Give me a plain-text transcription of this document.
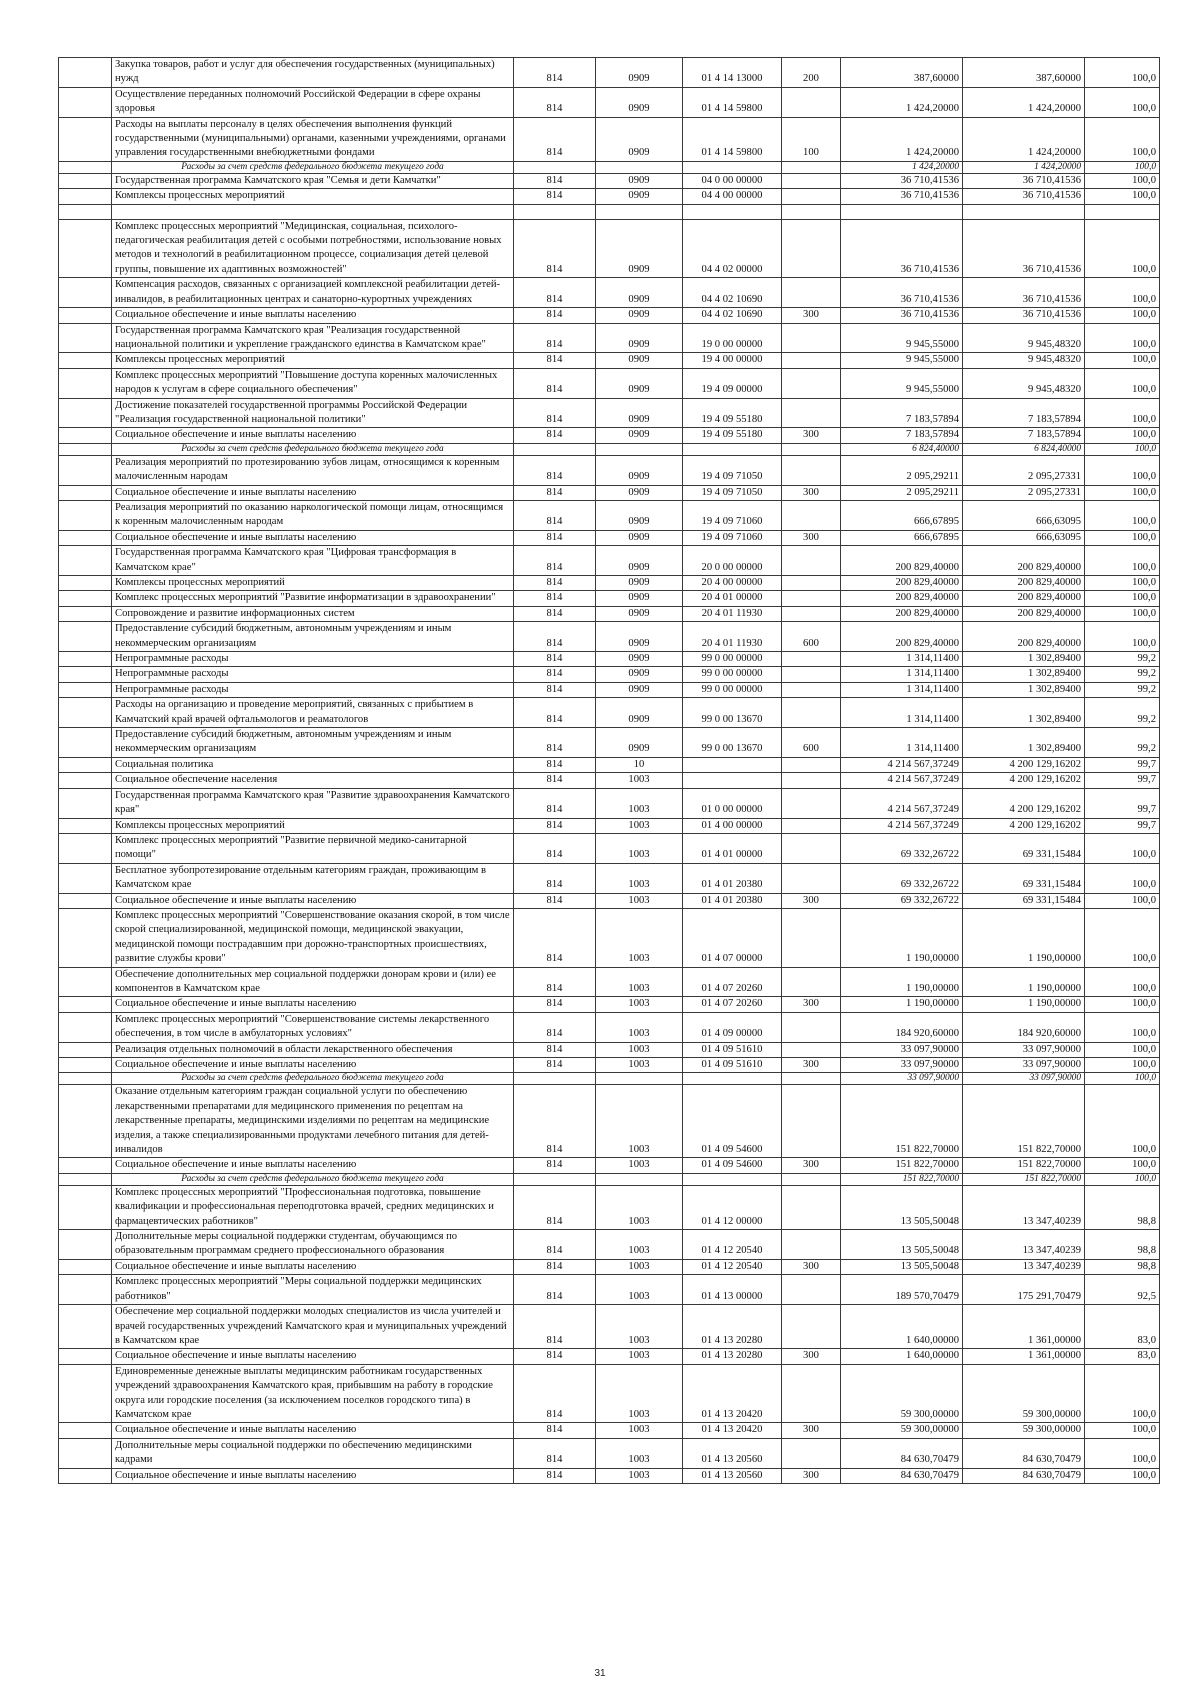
	Закупка товаров, работ и услуг для обеспечения государственных (муниципальных) нужд	814	0909	01 4 14 13000	200	387,60000	387,60000	100,0
	Осуществление переданных полномочий Российской Федерации в сфере охраны здоровья	814	0909	01 4 14 59800		1 424,20000	1 424,20000	100,0
	Расходы на выплаты персоналу в целях обеспечения выполнения функций государственными (муниципальными) органами, казенными учреждениями, органами управления государственными внебюджетными фондами	814	0909	01 4 14 59800	100	1 424,20000	1 424,20000	100,0
	Расходы за счет средств федерального бюджета текущего года					1 424,20000	1 424,20000	100,0
	Государственная программа Камчатского края "Семья и дети Камчатки"	814	0909	04 0 00 00000		36 710,41536	36 710,41536	100,0
	Комплексы процессных мероприятий	814	0909	04 4 00 00000		36 710,41536	36 710,41536	100,0

	Комплекс процессных мероприятий "Медицинская, социальная, психолого-педагогическая реабилитация детей с особыми потребностями, использование новых методов и технологий в реабилитационном процессе, социализация детей целевой группы, повышение их адаптивных возможностей"	814	0909	04 4 02 00000		36 710,41536	36 710,41536	100,0
	Компенсация расходов, связанных с организацией комплексной реабилитации детей-инвалидов, в реабилитационных центрах и санаторно-курортных учреждениях	814	0909	04 4 02 10690		36 710,41536	36 710,41536	100,0
	Социальное обеспечение и иные выплаты населению	814	0909	04 4 02 10690	300	36 710,41536	36 710,41536	100,0
	Государственная программа Камчатского края "Реализация государственной национальной политики и укрепление гражданского единства в Камчатском крае"	814	0909	19 0 00 00000		9 945,55000	9 945,48320	100,0
	Комплексы процессных мероприятий	814	0909	19 4 00 00000		9 945,55000	9 945,48320	100,0
	Комплекс процессных мероприятий "Повышение доступа коренных малочисленных народов к услугам в сфере социального обеспечения"	814	0909	19 4 09 00000		9 945,55000	9 945,48320	100,0
	Достижение показателей государственной программы Российской Федерации "Реализация государственной национальной политики"	814	0909	19 4 09 55180		7 183,57894	7 183,57894	100,0
	Социальное обеспечение и иные выплаты населению	814	0909	19 4 09 55180	300	7 183,57894	7 183,57894	100,0
	Расходы за счет средств федерального бюджета текущего года					6 824,40000	6 824,40000	100,0
	Реализация мероприятий по протезированию зубов лицам, относящимся к коренным малочисленным народам	814	0909	19 4 09 71050		2 095,29211	2 095,27331	100,0
	Социальное обеспечение и иные выплаты населению	814	0909	19 4 09 71050	300	2 095,29211	2 095,27331	100,0
	Реализация мероприятий по оказанию наркологической помощи лицам, относящимся к коренным малочисленным народам	814	0909	19 4 09 71060		666,67895	666,63095	100,0
	Социальное обеспечение и иные выплаты населению	814	0909	19 4 09 71060	300	666,67895	666,63095	100,0
	Государственная программа Камчатского края "Цифровая трансформация в Камчатском крае"	814	0909	20 0 00 00000		200 829,40000	200 829,40000	100,0
	Комплексы процессных мероприятий	814	0909	20 4 00 00000		200 829,40000	200 829,40000	100,0
	Комплекс процессных мероприятий "Развитие информатизации в здравоохранении"	814	0909	20 4 01 00000		200 829,40000	200 829,40000	100,0
	Сопровождение и развитие информационных систем	814	0909	20 4 01 11930		200 829,40000	200 829,40000	100,0
	Предоставление субсидий бюджетным, автономным учреждениям и иным некоммерческим организациям	814	0909	20 4 01 11930	600	200 829,40000	200 829,40000	100,0
	Непрограммные расходы	814	0909	99 0 00 00000		1 314,11400	1 302,89400	99,2
	Непрограммные расходы	814	0909	99 0 00 00000		1 314,11400	1 302,89400	99,2
	Непрограммные расходы	814	0909	99 0 00 00000		1 314,11400	1 302,89400	99,2
	Расходы на организацию и проведение мероприятий, связанных с прибытием в Камчатский край врачей офтальмологов и реаматологов	814	0909	99 0 00 13670		1 314,11400	1 302,89400	99,2
	Предоставление субсидий бюджетным, автономным учреждениям и иным некоммерческим организациям	814	0909	99 0 00 13670	600	1 314,11400	1 302,89400	99,2
	Социальная политика	814	10			4 214 567,37249	4 200 129,16202	99,7
	Социальное обеспечение населения	814	1003			4 214 567,37249	4 200 129,16202	99,7
	Государственная программа Камчатского края "Развитие здравоохранения Камчатского края"	814	1003	01 0 00 00000		4 214 567,37249	4 200 129,16202	99,7
	Комплексы процессных мероприятий	814	1003	01 4 00 00000		4 214 567,37249	4 200 129,16202	99,7
	Комплекс процессных мероприятий "Развитие первичной медико-санитарной помощи"	814	1003	01 4 01 00000		69 332,26722	69 331,15484	100,0
	Бесплатное зубопротезирование отдельным категориям граждан, проживающим в Камчатском крае	814	1003	01 4 01 20380		69 332,26722	69 331,15484	100,0
	Социальное обеспечение и иные выплаты населению	814	1003	01 4 01 20380	300	69 332,26722	69 331,15484	100,0
	Комплекс процессных мероприятий "Совершенствование оказания скорой, в том числе скорой специализированной, медицинской помощи, медицинской эвакуации, медицинской помощи пострадавшим при дорожно-транспортных происшествиях, развитие службы крови"	814	1003	01 4 07 00000		1 190,00000	1 190,00000	100,0
	Обеспечение дополнительных мер социальной поддержки донорам крови и (или) ее компонентов в Камчатском крае	814	1003	01 4 07 20260		1 190,00000	1 190,00000	100,0
	Социальное обеспечение и иные выплаты населению	814	1003	01 4 07 20260	300	1 190,00000	1 190,00000	100,0
	Комплекс процессных мероприятий "Совершенствование системы лекарственного обеспечения, в том числе в амбулаторных условиях"	814	1003	01 4 09 00000		184 920,60000	184 920,60000	100,0
	Реализация отдельных полномочий в области лекарственного обеспечения	814	1003	01 4 09 51610		33 097,90000	33 097,90000	100,0
	Социальное обеспечение и иные выплаты населению	814	1003	01 4 09 51610	300	33 097,90000	33 097,90000	100,0
	Расходы за счет средств федерального бюджета текущего года					33 097,90000	33 097,90000	100,0
	Оказание отдельным категориям граждан социальной услуги по обеспечению лекарственными препаратами для медицинского применения по рецептам на лекарственные препараты, медицинскими изделиями по рецептам на медицинские изделия, а также специализированными продуктами лечебного питания для детей-инвалидов	814	1003	01 4 09 54600		151 822,70000	151 822,70000	100,0
	Социальное обеспечение и иные выплаты населению	814	1003	01 4 09 54600	300	151 822,70000	151 822,70000	100,0
	Расходы за счет средств федерального бюджета текущего года					151 822,70000	151 822,70000	100,0
	Комплекс процессных мероприятий "Профессиональная подготовка, повышение квалификации и профессиональная переподготовка врачей, средних медицинских и фармацевтических работников"	814	1003	01 4 12 00000		13 505,50048	13 347,40239	98,8
	Дополнительные меры социальной поддержки студентам, обучающимся по образовательным программам среднего профессионального образования	814	1003	01 4 12 20540		13 505,50048	13 347,40239	98,8
	Социальное обеспечение и иные выплаты населению	814	1003	01 4 12 20540	300	13 505,50048	13 347,40239	98,8
	Комплекс процессных мероприятий "Меры социальной поддержки медицинских работников"	814	1003	01 4 13 00000		189 570,70479	175 291,70479	92,5
	Обеспечение мер социальной поддержки молодых специалистов из числа учителей и врачей государственных учреждений Камчатского края и муниципальных учреждений в Камчатском крае	814	1003	01 4 13 20280		1 640,00000	1 361,00000	83,0
	Социальное обеспечение и иные выплаты населению	814	1003	01 4 13 20280	300	1 640,00000	1 361,00000	83,0
	Единовременные денежные выплаты медицинским работникам государственных учреждений здравоохранения Камчатского края, прибывшим на работу в городские округа или городские поселения (за исключением поселков городского типа) в Камчатском крае	814	1003	01 4 13 20420		59 300,00000	59 300,00000	100,0
	Социальное обеспечение и иные выплаты населению	814	1003	01 4 13 20420	300	59 300,00000	59 300,00000	100,0
	Дополнительные меры социальной поддержки по обеспечению медицинскими кадрами	814	1003	01 4 13 20560		84 630,70479	84 630,70479	100,0
	Социальное обеспечение и иные выплаты населению	814	1003	01 4 13 20560	300	84 630,70479	84 630,70479	100,0
31
